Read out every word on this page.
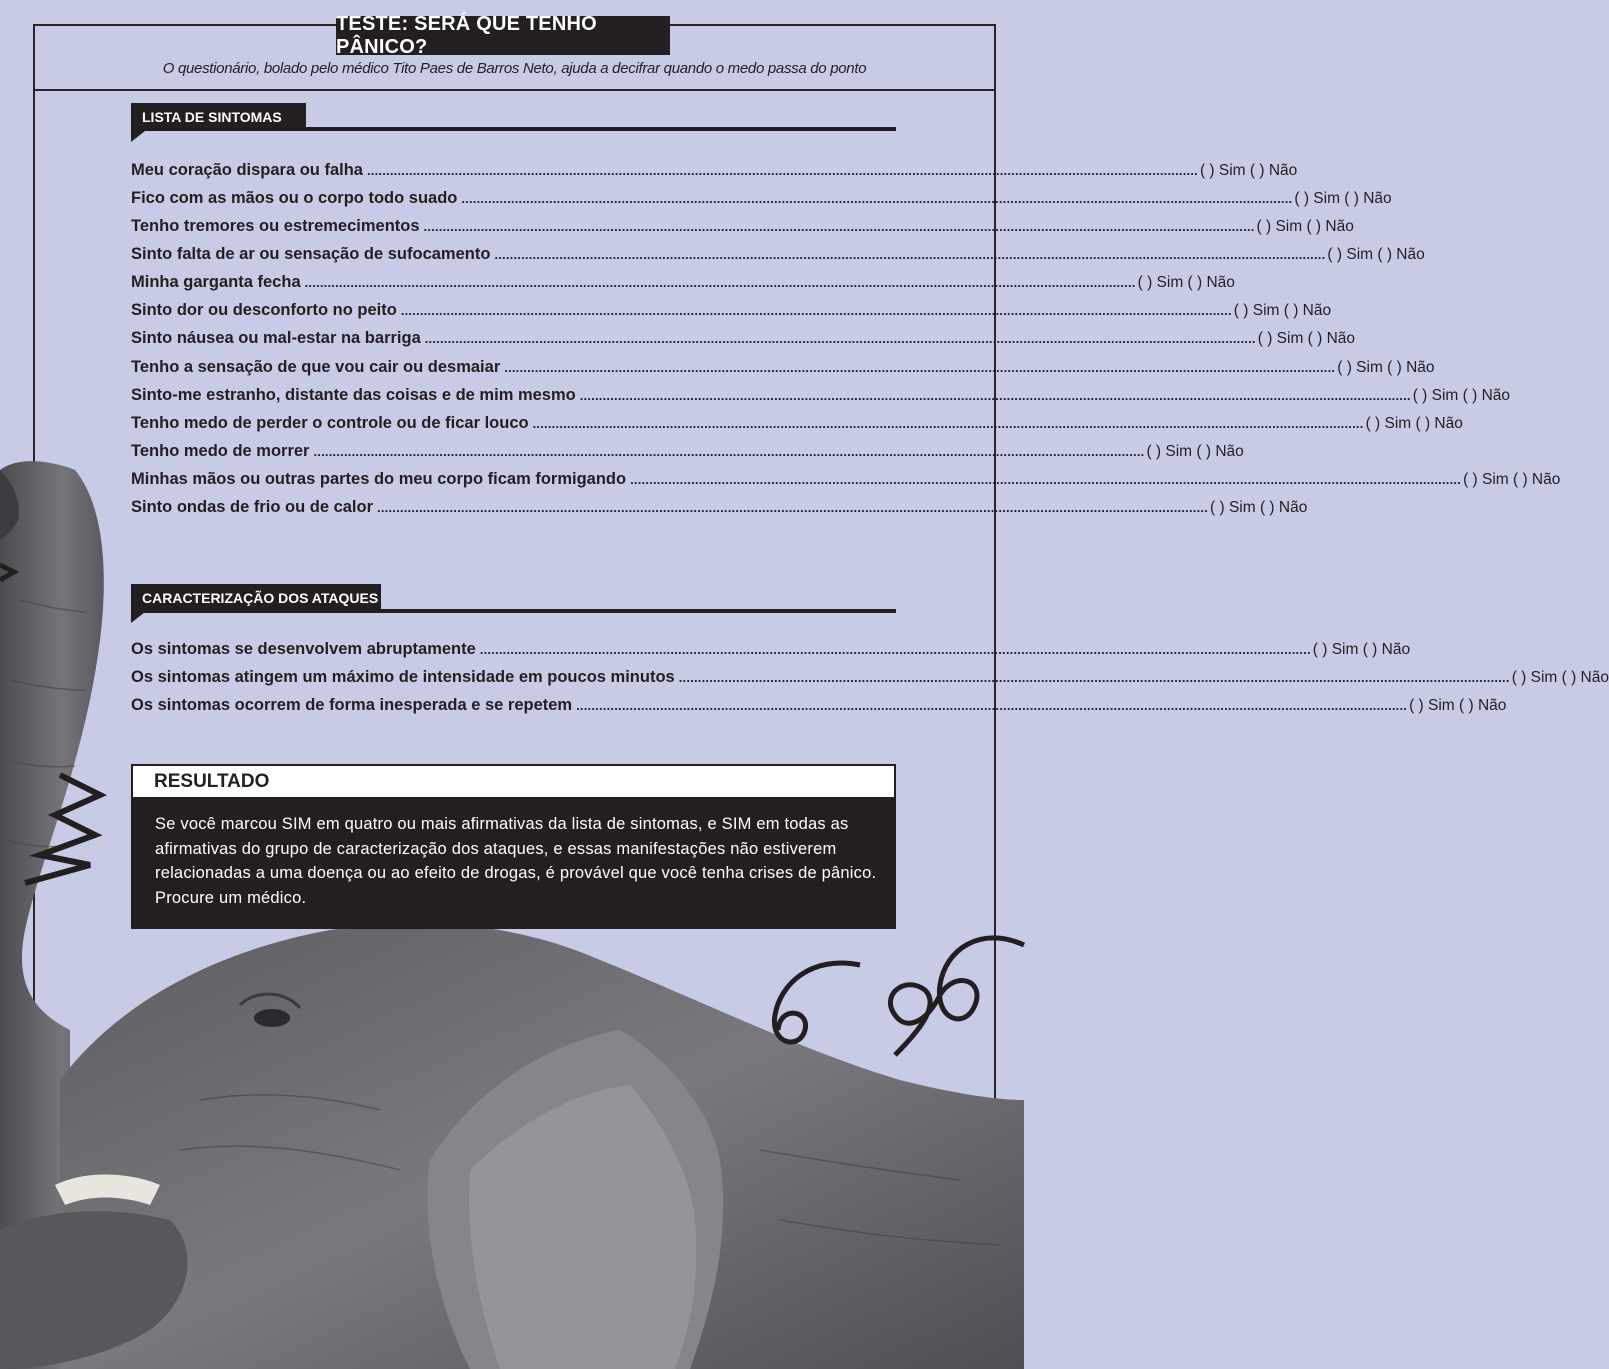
TESTE: SERÁ QUE TENHO PÂNICO?
O questionário, bolado pelo médico Tito Paes de Barros Neto, ajuda a decifrar quando o medo passa do ponto
LISTA DE SINTOMAS
Meu coração dispara ou falha .......................................................................................................................................................................................................................... ( ) Sim ( ) Não
Fico com as mãos ou o corpo todo suado .......................................................................................................................................................................................................................... ( ) Sim ( ) Não
Tenho tremores ou estremecimentos .......................................................................................................................................................................................................................... ( ) Sim ( ) Não
Sinto falta de ar ou sensação de sufocamento .......................................................................................................................................................................................................................... ( ) Sim ( ) Não
Minha garganta fecha .......................................................................................................................................................................................................................... ( ) Sim ( ) Não
Sinto dor ou desconforto no peito .......................................................................................................................................................................................................................... ( ) Sim ( ) Não
Sinto náusea ou mal-estar na barriga .......................................................................................................................................................................................................................... ( ) Sim ( ) Não
Tenho a sensação de que vou cair ou desmaiar .......................................................................................................................................................................................................................... ( ) Sim ( ) Não
Sinto-me estranho, distante das coisas e de mim mesmo .......................................................................................................................................................................................................................... ( ) Sim ( ) Não
Tenho medo de perder o controle ou de ficar louco .......................................................................................................................................................................................................................... ( ) Sim ( ) Não
Tenho medo de morrer .......................................................................................................................................................................................................................... ( ) Sim ( ) Não
Minhas mãos ou outras partes do meu corpo ficam formigando .......................................................................................................................................................................................................................... ( ) Sim ( ) Não
Sinto ondas de frio ou de calor .......................................................................................................................................................................................................................... ( ) Sim ( ) Não
CARACTERIZAÇÃO DOS ATAQUES
Os sintomas se desenvolvem abruptamente .......................................................................................................................................................................................................................... ( ) Sim ( ) Não
Os sintomas atingem um máximo de intensidade em poucos minutos .......................................................................................................................................................................................................................... ( ) Sim ( ) Não
Os sintomas ocorrem de forma inesperada e se repetem .......................................................................................................................................................................................................................... ( ) Sim ( ) Não
RESULTADO
Se você marcou SIM em quatro ou mais afirmativas da lista de sintomas, e SIM em todas as afirmativas do grupo de caracterização dos ataques, e essas manifestações não estiverem relacionadas a uma doença ou ao efeito de drogas, é provável que você tenha crises de pânico. Procure um médico.
